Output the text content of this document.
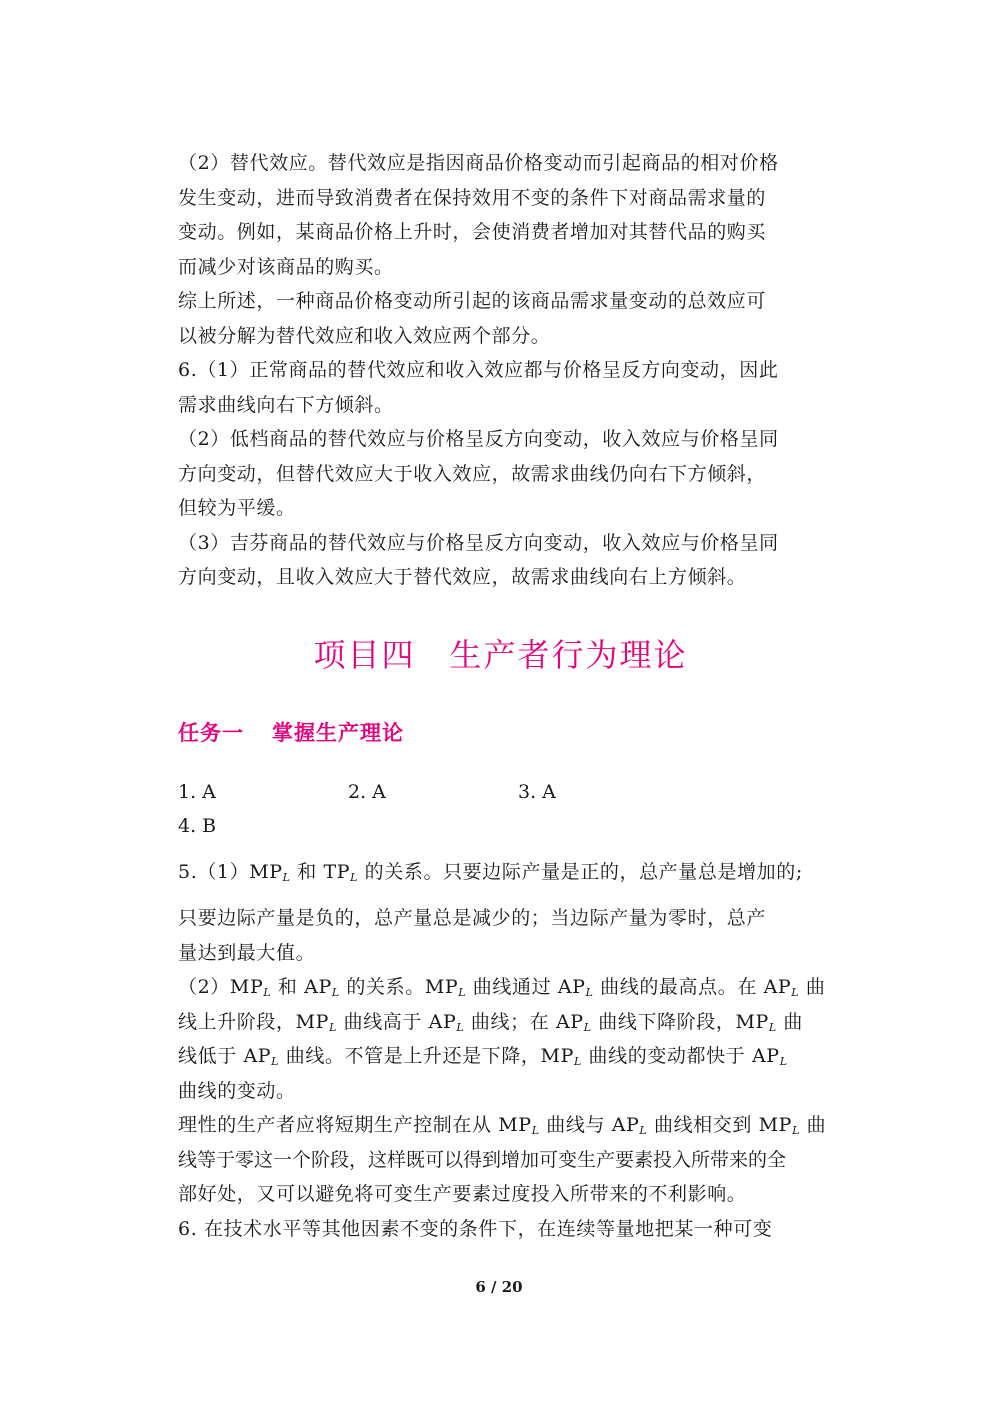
（2）替代效应。替代效应是指因商品价格变动而引起商品的相对价格
发生变动，进而导致消费者在保持效用不变的条件下对商品需求量的
变动。例如，某商品价格上升时，会使消费者增加对其替代品的购买
而减少对该商品的购买。
综上所述，一种商品价格变动所引起的该商品需求量变动的总效应可
以被分解为替代效应和收入效应两个部分。
6.（1）正常商品的替代效应和收入效应都与价格呈反方向变动，因此
需求曲线向右下方倾斜。
（2）低档商品的替代效应与价格呈反方向变动，收入效应与价格呈同
方向变动，但替代效应大于收入效应，故需求曲线仍向右下方倾斜，
但较为平缓。
（3）吉芬商品的替代效应与价格呈反方向变动，收入效应与价格呈同
方向变动，且收入效应大于替代效应，故需求曲线向右上方倾斜。
项目四 生产者行为理论
任务一 掌握生产理论
1. A	2. A	3. A
4. B
$5.(1)MP_L$ 和 $TP_L$ 的关系。只要边际产量是正的，总产量总是增加的;
只要边际产量是负的，总产量总是减少的；当边际产量为零时，总产
量达到最大值。
$(2)MP_L$ 和 $AP_L$ 的关系。$MP_L$ 曲线通过 $AP_L$ 曲线的最高点。在 $AP_L$ 曲
线上升阶段，$MP_L$ 曲线高于 $AP_L$ 曲线；在 $AP_L$ 曲线下降阶段，$MP_L$ 曲
线低于 $AP_L$ 曲线。不管是上升还是下降，$MP_L$ 曲线的变动都快于 $AP_L$
曲线的变动。
理性的生产者应将短期生产控制在从 $MP_L$ 曲线与 $AP_L$ 曲线相交到 $MP_L$ 曲
线等于零这一个阶段，这样既可以得到增加可变生产要素投入所带来的全
部好处，又可以避免将可变生产要素过度投入所带来的不利影响。
6. 在技术水平等其他因素不变的条件下，在连续等量地把某一种可变
6 / 20
